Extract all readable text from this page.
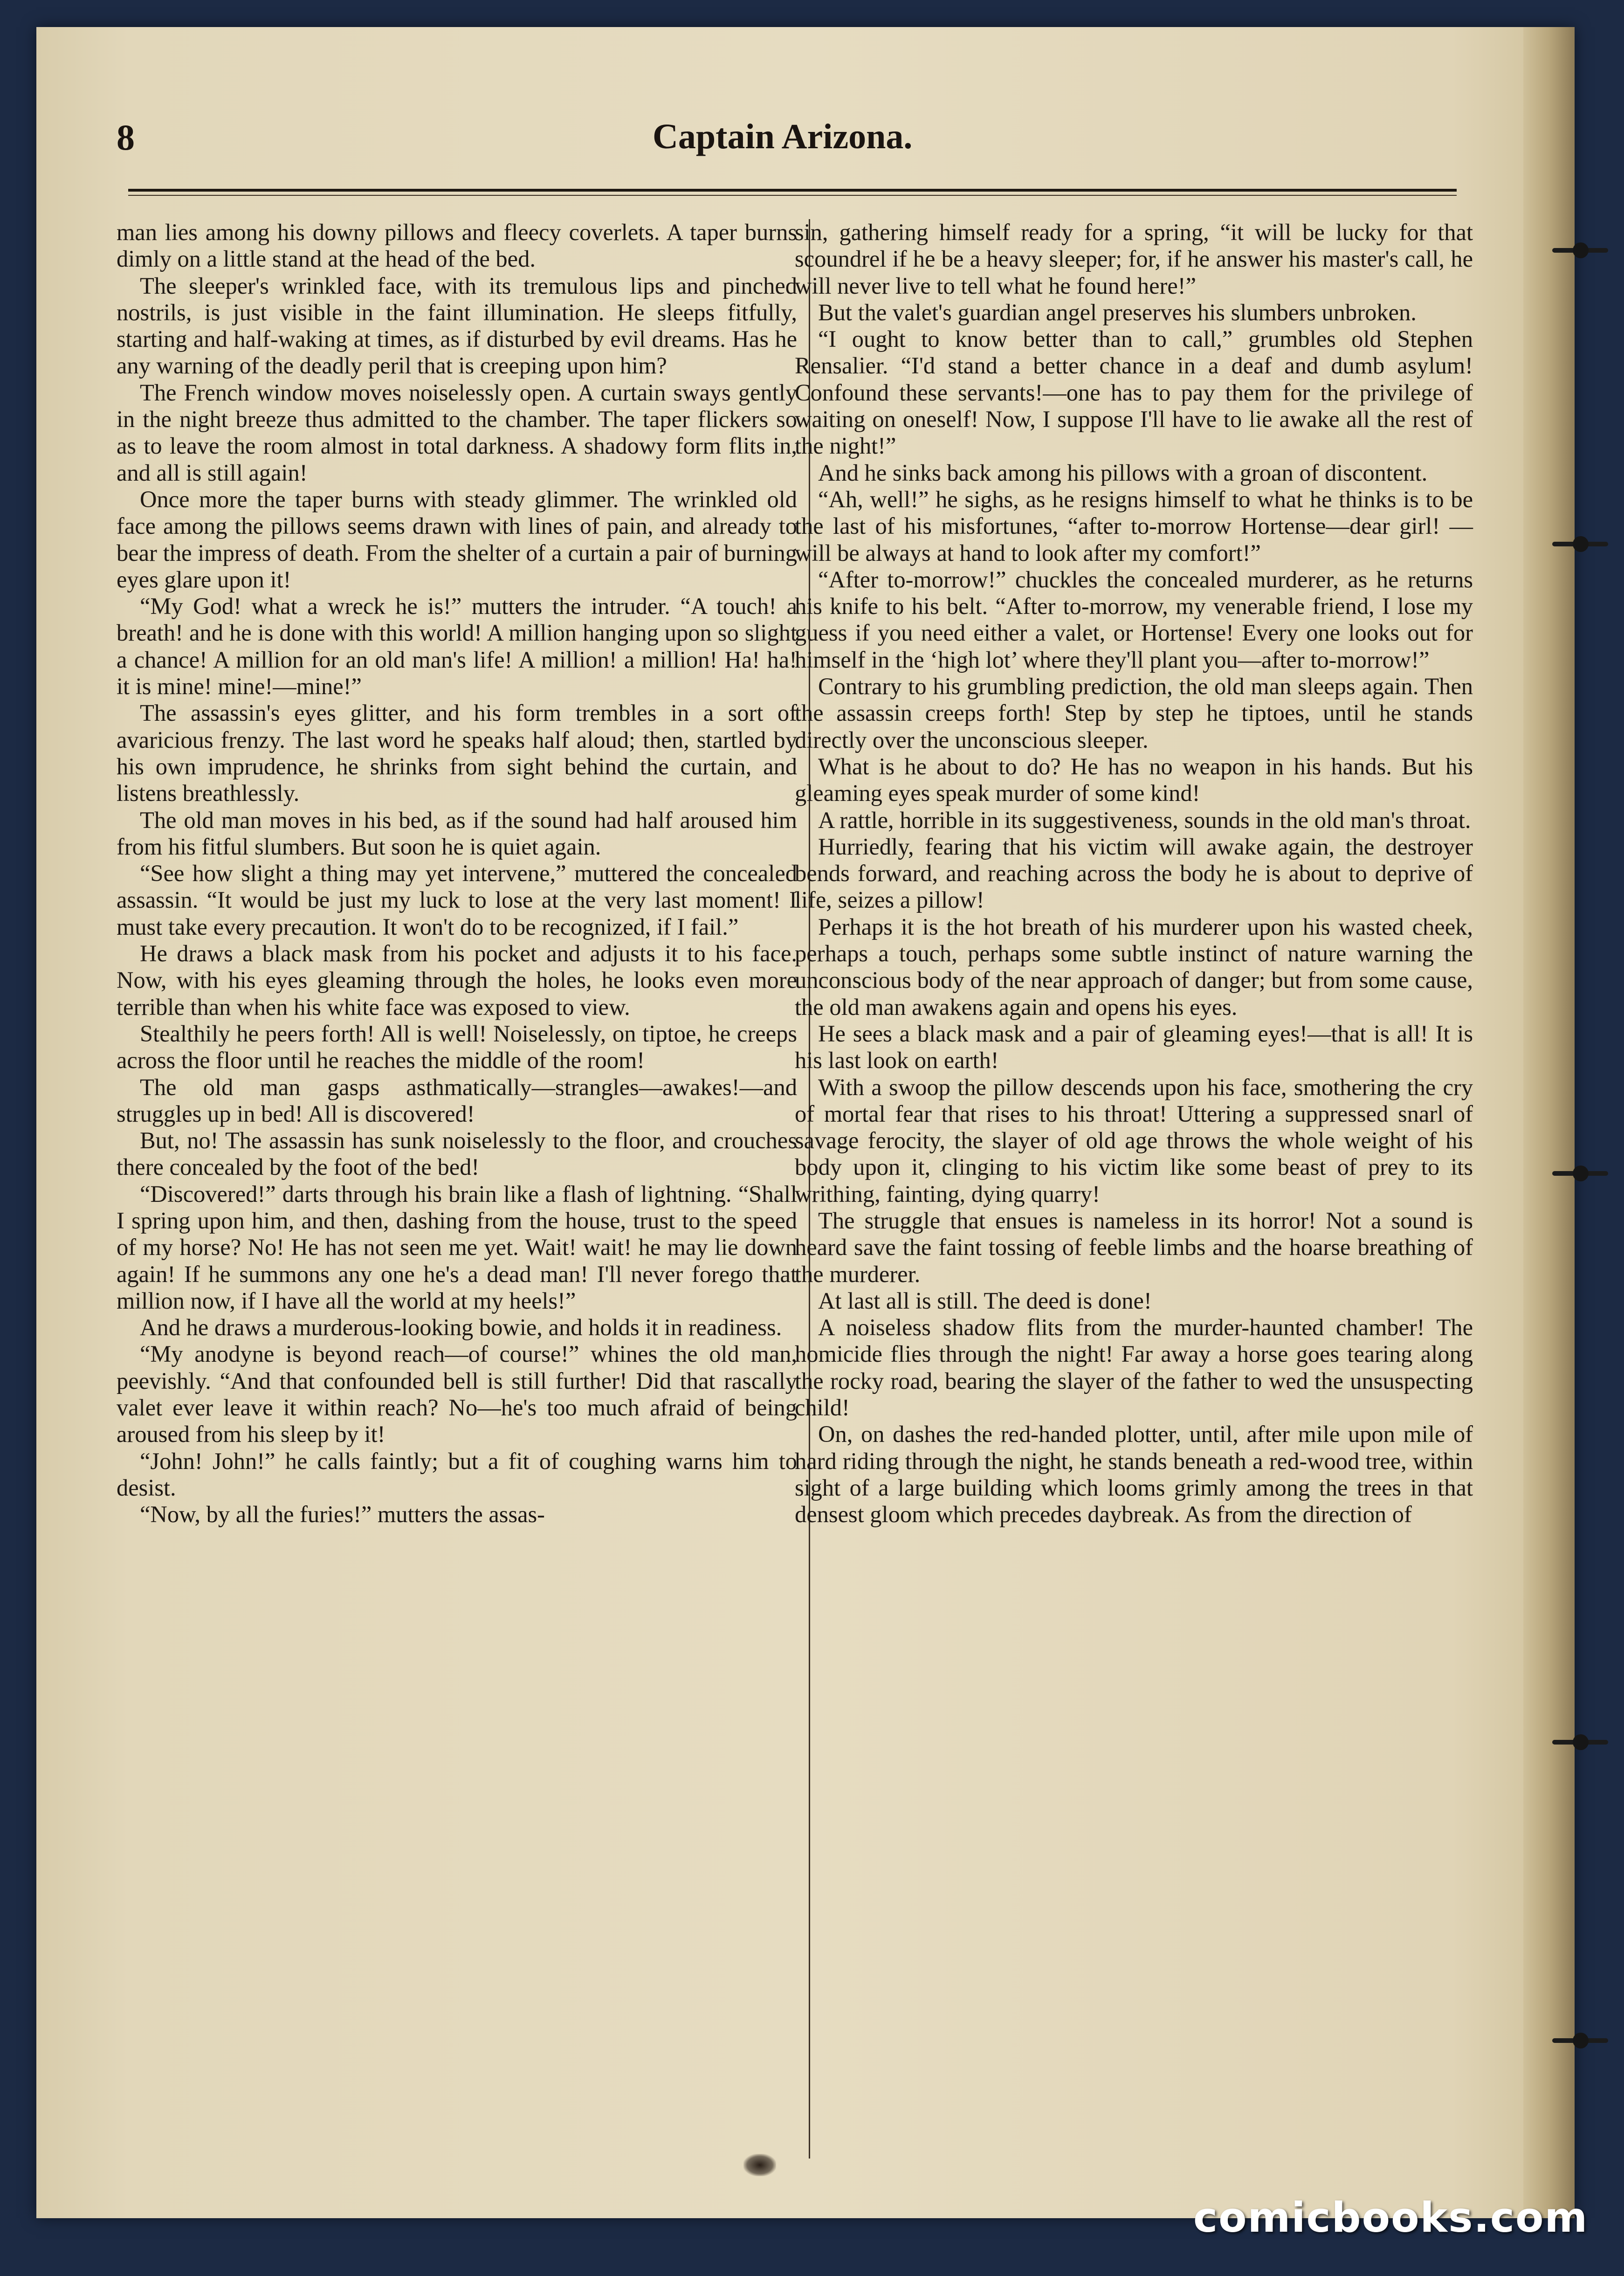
8	Captain Arizona.

man lies among his downy pillows and fleecy coverlets. A taper burns dimly on a little stand at the head of the bed.

The sleeper's wrinkled face, with its tremulous lips and pinched nostrils, is just visible in the faint illumination. He sleeps fitfully, starting and half-waking at times, as if disturbed by evil dreams. Has he any warning of the deadly peril that is creeping upon him?

The French window moves noiselessly open. A curtain sways gently in the night breeze thus admitted to the chamber. The taper flickers so as to leave the room almost in total darkness. A shadowy form flits in, and all is still again!

Once more the taper burns with steady glimmer. The wrinkled old face among the pillows seems drawn with lines of pain, and already to bear the impress of death. From the shelter of a curtain a pair of burning eyes glare upon it!

“My God! what a wreck he is!” mutters the intruder. “A touch! a breath! and he is done with this world! A million hanging upon so slight a chance! A million for an old man's life! A million! a million! Ha! ha! it is mine! mine!—mine!”

The assassin's eyes glitter, and his form trembles in a sort of avaricious frenzy. The last word he speaks half aloud; then, startled by his own imprudence, he shrinks from sight behind the curtain, and listens breathlessly.

The old man moves in his bed, as if the sound had half aroused him from his fitful slumbers. But soon he is quiet again.

“See how slight a thing may yet intervene,” muttered the concealed assassin. “It would be just my luck to lose at the very last moment! I must take every precaution. It won't do to be recognized, if I fail.”

He draws a black mask from his pocket and adjusts it to his face. Now, with his eyes gleaming through the holes, he looks even more terrible than when his white face was exposed to view.

Stealthily he peers forth! All is well! Noiselessly, on tiptoe, he creeps across the floor until he reaches the middle of the room!

The old man gasps asthmatically—strangles—awakes!—and struggles up in bed! All is discovered!

But, no! The assassin has sunk noiselessly to the floor, and crouches there concealed by the foot of the bed!

“Discovered!” darts through his brain like a flash of lightning. “Shall I spring upon him, and then, dashing from the house, trust to the speed of my horse? No! He has not seen me yet. Wait! wait! he may lie down again! If he summons any one he's a dead man! I'll never forego that million now, if I have all the world at my heels!”

And he draws a murderous-looking bowie, and holds it in readiness.

“My anodyne is beyond reach—of course!” whines the old man, peevishly. “And that confounded bell is still further! Did that rascally valet ever leave it within reach? No—he's too much afraid of being aroused from his sleep by it!

“John! John!” he calls faintly; but a fit of coughing warns him to desist.

“Now, by all the furies!” mutters the assas-

sin, gathering himself ready for a spring, “it will be lucky for that scoundrel if he be a heavy sleeper; for, if he answer his master's call, he will never live to tell what he found here!”

But the valet's guardian angel preserves his slumbers unbroken.

“I ought to know better than to call,” grumbles old Stephen Rensalier. “I'd stand a better chance in a deaf and dumb asylum! Confound these servants!—one has to pay them for the privilege of waiting on oneself! Now, I suppose I'll have to lie awake all the rest of the night!”

And he sinks back among his pillows with a groan of discontent.

“Ah, well!” he sighs, as he resigns himself to what he thinks is to be the last of his misfortunes, “after to-morrow Hortense—dear girl! —will be always at hand to look after my comfort!”

“After to-morrow!” chuckles the concealed murderer, as he returns his knife to his belt. “After to-morrow, my venerable friend, I lose my guess if you need either a valet, or Hortense! Every one looks out for himself in the ‘high lot’ where they'll plant you—after to-morrow!”

Contrary to his grumbling prediction, the old man sleeps again. Then the assassin creeps forth! Step by step he tiptoes, until he stands directly over the unconscious sleeper.

What is he about to do? He has no weapon in his hands. But his gleaming eyes speak murder of some kind!

A rattle, horrible in its suggestiveness, sounds in the old man's throat.

Hurriedly, fearing that his victim will awake again, the destroyer bends forward, and reaching across the body he is about to deprive of life, seizes a pillow!

Perhaps it is the hot breath of his murderer upon his wasted cheek, perhaps a touch, perhaps some subtle instinct of nature warning the unconscious body of the near approach of danger; but from some cause, the old man awakens again and opens his eyes.

He sees a black mask and a pair of gleaming eyes!—that is all! It is his last look on earth!

With a swoop the pillow descends upon his face, smothering the cry of mortal fear that rises to his throat! Uttering a suppressed snarl of savage ferocity, the slayer of old age throws the whole weight of his body upon it, clinging to his victim like some beast of prey to its writhing, fainting, dying quarry!

The struggle that ensues is nameless in its horror! Not a sound is heard save the faint tossing of feeble limbs and the hoarse breathing of the murderer.

At last all is still. The deed is done!

A noiseless shadow flits from the murder-haunted chamber! The homicide flies through the night! Far away a horse goes tearing along the rocky road, bearing the slayer of the father to wed the unsuspecting child!

On, on dashes the red-handed plotter, until, after mile upon mile of hard riding through the night, he stands beneath a red-wood tree, within sight of a large building which looms grimly among the trees in that densest gloom which precedes daybreak. As from the direction of

comicbooks.com
